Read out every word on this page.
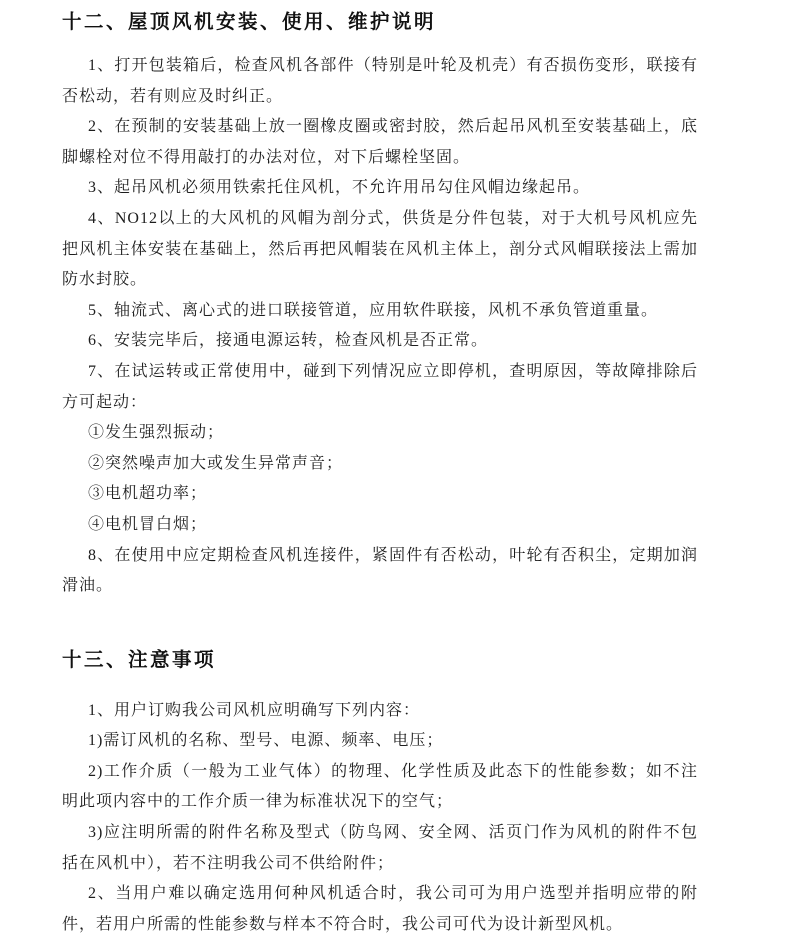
十二、屋顶风机安装、使用、维护说明

1、打开包装箱后，检查风机各部件（特别是叶轮及机壳）有否损伤变形，联接有否松动，若有则应及时纠正。

2、在预制的安装基础上放一圈橡皮圈或密封胶，然后起吊风机至安装基础上，底脚螺栓对位不得用敲打的办法对位，对下后螺栓坚固。

3、起吊风机必须用铁索托住风机，不允许用吊勾住风帽边缘起吊。

4、NO12以上的大风机的风帽为剖分式，供货是分件包装，对于大机号风机应先把风机主体安装在基础上，然后再把风帽装在风机主体上，剖分式风帽联接法上需加防水封胶。

5、轴流式、离心式的进口联接管道，应用软件联接，风机不承负管道重量。

6、安装完毕后，接通电源运转，检查风机是否正常。

7、在试运转或正常使用中，碰到下列情况应立即停机，查明原因，等故障排除后方可起动：

①发生强烈振动；

②突然噪声加大或发生异常声音；

③电机超功率；

④电机冒白烟；

8、在使用中应定期检查风机连接件，紧固件有否松动，叶轮有否积尘，定期加润滑油。

十三、注意事项

1、用户订购我公司风机应明确写下列内容：

1)需订风机的名称、型号、电源、频率、电压；

2)工作介质（一般为工业气体）的物理、化学性质及此态下的性能参数；如不注明此项内容中的工作介质一律为标准状况下的空气；

3)应注明所需的附件名称及型式（防鸟网、安全网、活页门作为风机的附件不包括在风机中），若不注明我公司不供给附件；

2、当用户难以确定选用何种风机适合时，我公司可为用户选型并指明应带的附件，若用户所需的性能参数与样本不符合时，我公司可代为设计新型风机。
